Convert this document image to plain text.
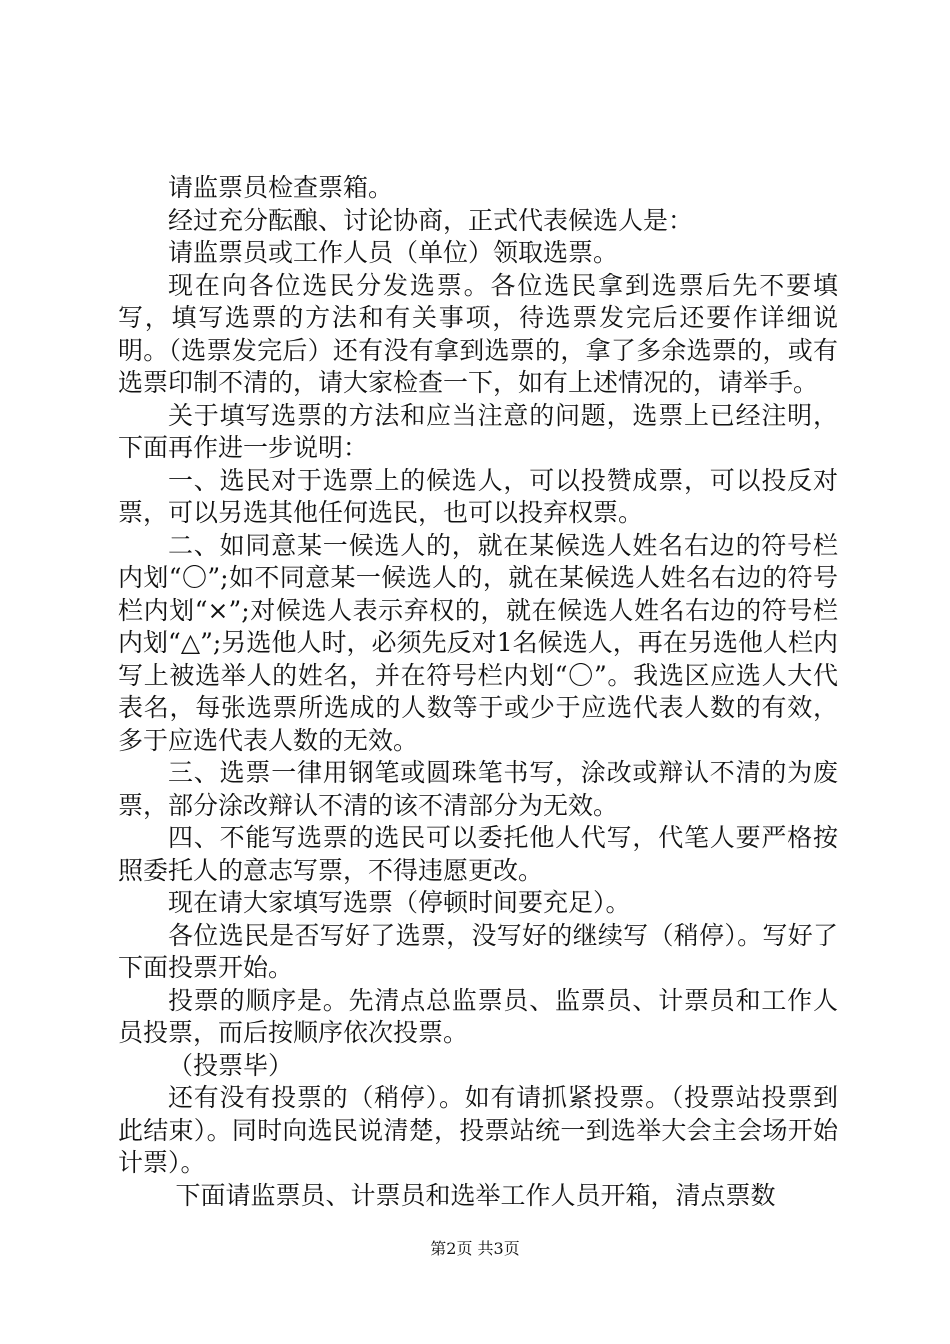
请监票员检查票箱。

经过充分酝酿、讨论协商，正式代表候选人是：

请监票员或工作人员（单位）领取选票。

现在向各位选民分发选票。各位选民拿到选票后先不要填写，填写选票的方法和有关事项，待选票发完后还要作详细说明。（选票发完后）还有没有拿到选票的，拿了多余选票的，或有选票印制不清的，请大家检查一下，如有上述情况的，请举手。

关于填写选票的方法和应当注意的问题，选票上已经注明，下面再作进一步说明：

一、选民对于选票上的候选人，可以投赞成票，可以投反对票，可以另选其他任何选民，也可以投弃权票。

二、如同意某一候选人的，就在某候选人姓名右边的符号栏内划“〇”;如不同意某一候选人的，就在某候选人姓名右边的符号栏内划“×”;对候选人表示弃权的，就在候选人姓名右边的符号栏内划“△”;另选他人时，必须先反对1名候选人，再在另选他人栏内写上被选举人的姓名，并在符号栏内划“〇”。我选区应选人大代表名，每张选票所选成的人数等于或少于应选代表人数的有效，多于应选代表人数的无效。

三、选票一律用钢笔或圆珠笔书写，涂改或辩认不清的为废票，部分涂改辩认不清的该不清部分为无效。

四、不能写选票的选民可以委托他人代写，代笔人要严格按照委托人的意志写票，不得违愿更改。

现在请大家填写选票（停顿时间要充足）。

各位选民是否写好了选票，没写好的继续写（稍停）。写好了下面投票开始。

投票的顺序是。先清点总监票员、监票员、计票员和工作人员投票，而后按顺序依次投票。

（投票毕）

还有没有投票的（稍停）。如有请抓紧投票。（投票站投票到此结束）。同时向选民说清楚，投票站统一到选举大会主会场开始计票）。

下面请监票员、计票员和选举工作人员开箱，清点票数

第2页 共3页
